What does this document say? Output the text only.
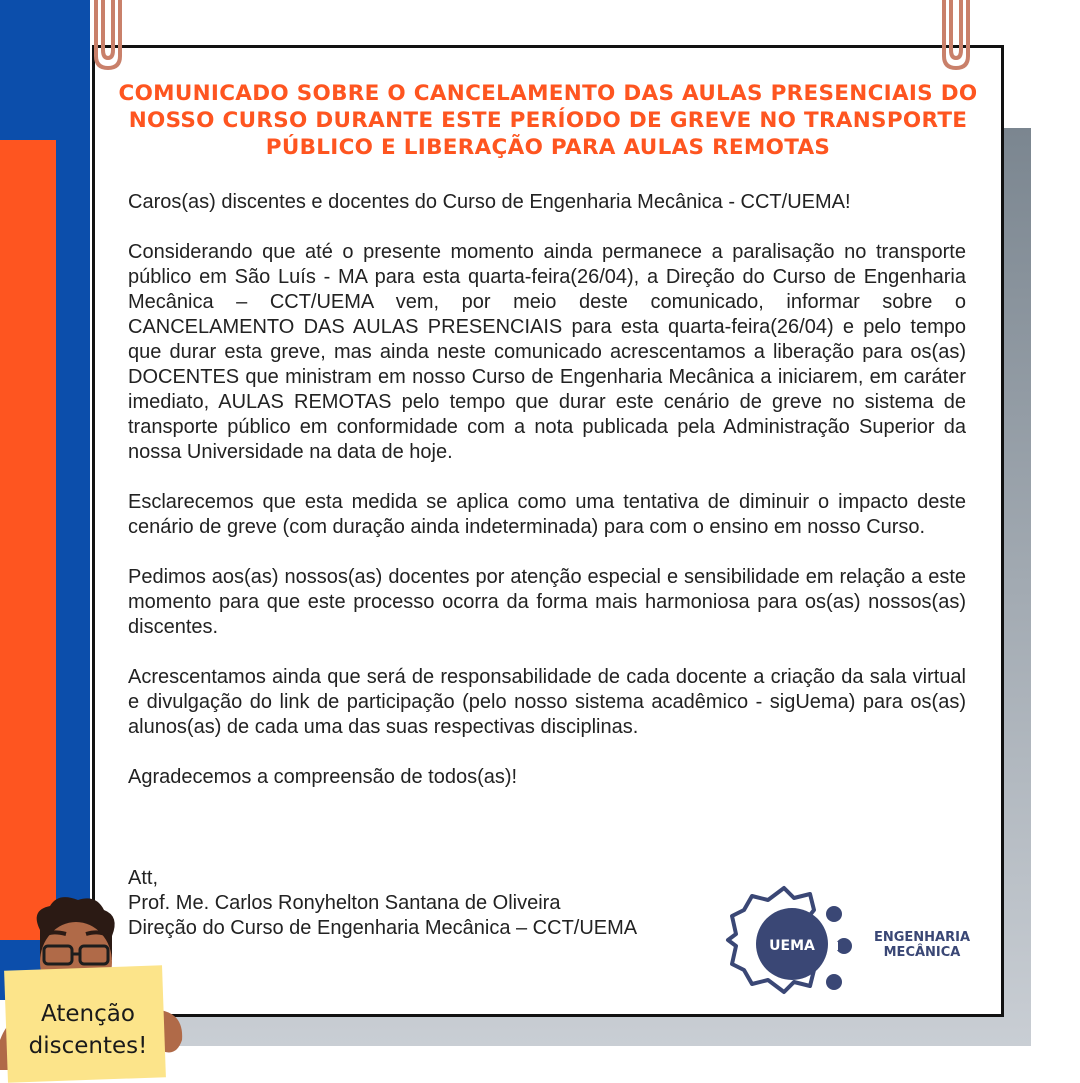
COMUNICADO SOBRE O CANCELAMENTO DAS AULAS PRESENCIAIS DO NOSSO CURSO DURANTE ESTE PERÍODO DE GREVE NO TRANSPORTE PÚBLICO E LIBERAÇÃO PARA AULAS REMOTAS

Caros(as) discentes e docentes do Curso de Engenharia Mecânica - CCT/UEMA!

Considerando que até o presente momento ainda permanece a paralisação no transporte público em São Luís - MA para esta quarta-feira(26/04), a Direção do Curso de Engenharia Mecânica – CCT/UEMA vem, por meio deste comunicado, informar sobre o CANCELAMENTO DAS AULAS PRESENCIAIS para esta quarta-feira(26/04) e pelo tempo que durar esta greve, mas ainda neste comunicado acrescentamos a liberação para os(as) DOCENTES que ministram em nosso Curso de Engenharia Mecânica a iniciarem, em caráter imediato, AULAS REMOTAS pelo tempo que durar este cenário de greve no sistema de transporte público em conformidade com a nota publicada pela Administração Superior da nossa Universidade na data de hoje.

Esclarecemos que esta medida se aplica como uma tentativa de diminuir o impacto deste cenário de greve (com duração ainda indeterminada) para com o ensino em nosso Curso.

Pedimos aos(as) nossos(as) docentes por atenção especial e sensibilidade em relação a este momento para que este processo ocorra da forma mais harmoniosa para os(as) nossos(as) discentes.

Acrescentamos ainda que será de responsabilidade de cada docente a criação da sala virtual e divulgação do link de participação (pelo nosso sistema acadêmico - sigUema) para os(as) alunos(as) de cada uma das suas respectivas disciplinas.

Agradecemos a compreensão de todos(as)!

Att,
Prof. Me. Carlos Ronyhelton Santana de Oliveira
Direção do Curso de Engenharia Mecânica – CCT/UEMA
UEMA
ENGENHARIA
MECÂNICA
Atenção
discentes!
